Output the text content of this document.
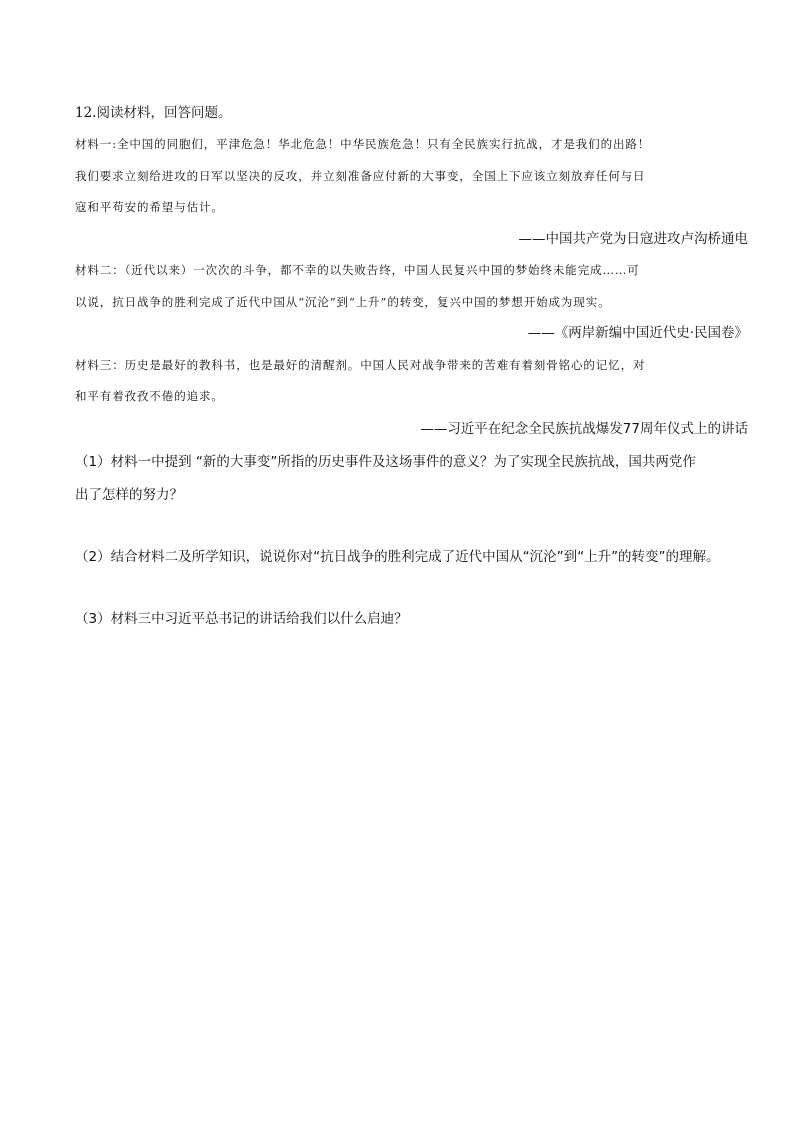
12.阅读材料，回答问题。
材料一:全中国的同胞们，平津危急！华北危急！中华民族危急！只有全民族实行抗战，才是我们的出路！
我们要求立刻给进攻的日军以坚决的反攻，并立刻准备应付新的大事变，全国上下应该立刻放弃任何与日
寇和平苟安的希望与估计。
——中国共产党为日寇进攻卢沟桥通电
材料二：（近代以来）一次次的斗争，都不幸的以失败告终，中国人民复兴中国的梦始终未能完成……可
以说，抗日战争的胜利完成了近代中国从“沉沦”到“上升”的转变，复兴中国的梦想开始成为现实。
——《两岸新编中国近代史·民国卷》
材料三：历史是最好的教科书，也是最好的清醒剂。中国人民对战争带来的苦难有着刻骨铭心的记忆，对
和平有着孜孜不倦的追求。
——习近平在纪念全民族抗战爆发77周年仪式上的讲话
（1）材料一中提到 “新的大事变”所指的历史事件及这场事件的意义？为了实现全民族抗战，国共两党作
出了怎样的努力？
（2）结合材料二及所学知识，说说你对“抗日战争的胜利完成了近代中国从“沉沦”到“上升”的转变”的理解。
（3）材料三中习近平总书记的讲话给我们以什么启迪？
